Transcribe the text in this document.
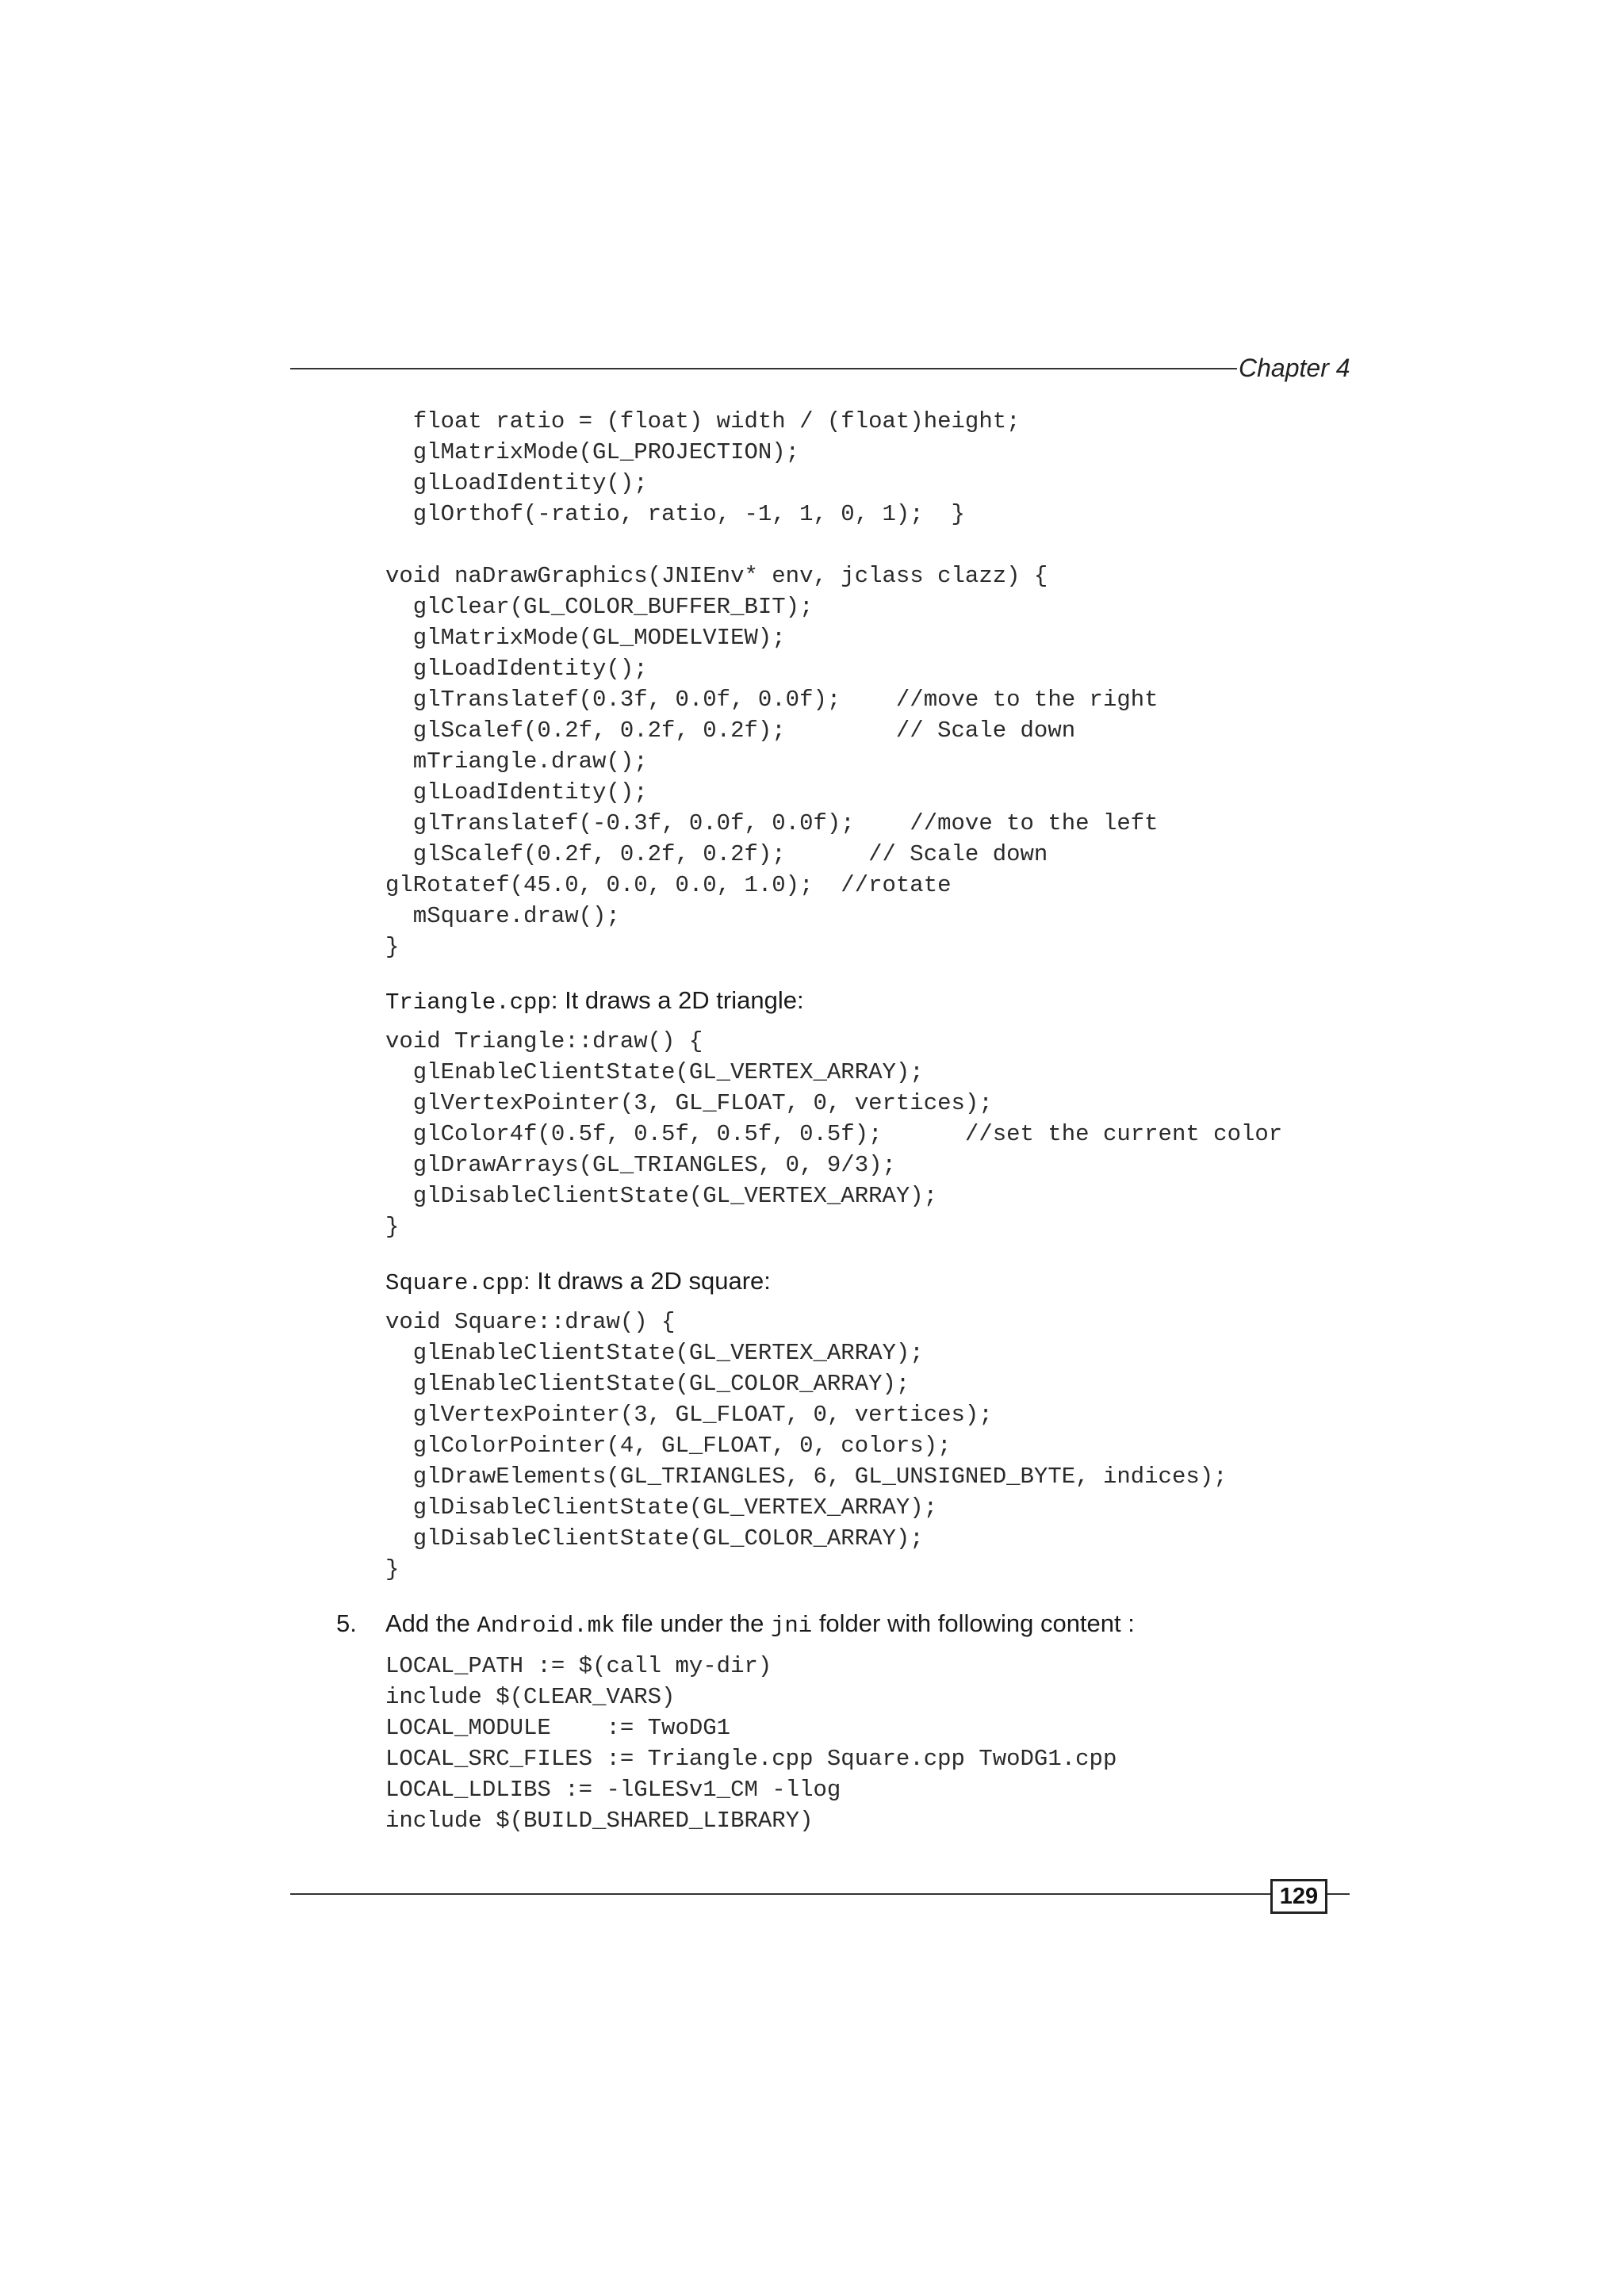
Chapter 4
float ratio = (float) width / (float)height;
glMatrixMode(GL_PROJECTION);
glLoadIdentity();
glOrthof(-ratio, ratio, -1, 1, 0, 1);  }
void naDrawGraphics(JNIEnv* env, jclass clazz) {
glClear(GL_COLOR_BUFFER_BIT);
glMatrixMode(GL_MODELVIEW);
glLoadIdentity();
glTranslatef(0.3f, 0.0f, 0.0f);    //move to the right
glScalef(0.2f, 0.2f, 0.2f);        // Scale down
mTriangle.draw();
glLoadIdentity();
glTranslatef(-0.3f, 0.0f, 0.0f);    //move to the left
glScalef(0.2f, 0.2f, 0.2f);      // Scale down
glRotatef(45.0, 0.0, 0.0, 1.0);  //rotate
mSquare.draw();
}
Triangle.cpp: It draws a 2D triangle:
void Triangle::draw() {
glEnableClientState(GL_VERTEX_ARRAY);
glVertexPointer(3, GL_FLOAT, 0, vertices);
glColor4f(0.5f, 0.5f, 0.5f, 0.5f);      //set the current color
glDrawArrays(GL_TRIANGLES, 0, 9/3);
glDisableClientState(GL_VERTEX_ARRAY);
}
Square.cpp: It draws a 2D square:
void Square::draw() {
glEnableClientState(GL_VERTEX_ARRAY);
glEnableClientState(GL_COLOR_ARRAY);
glVertexPointer(3, GL_FLOAT, 0, vertices);
glColorPointer(4, GL_FLOAT, 0, colors);
glDrawElements(GL_TRIANGLES, 6, GL_UNSIGNED_BYTE, indices);
glDisableClientState(GL_VERTEX_ARRAY);
glDisableClientState(GL_COLOR_ARRAY);
}
5. Add the Android.mk file under the jni folder with following content :
LOCAL_PATH := $(call my-dir)
include $(CLEAR_VARS)
LOCAL_MODULE    := TwoDG1
LOCAL_SRC_FILES := Triangle.cpp Square.cpp TwoDG1.cpp
LOCAL_LDLIBS := -lGLESv1_CM -llog
include $(BUILD_SHARED_LIBRARY)
129
